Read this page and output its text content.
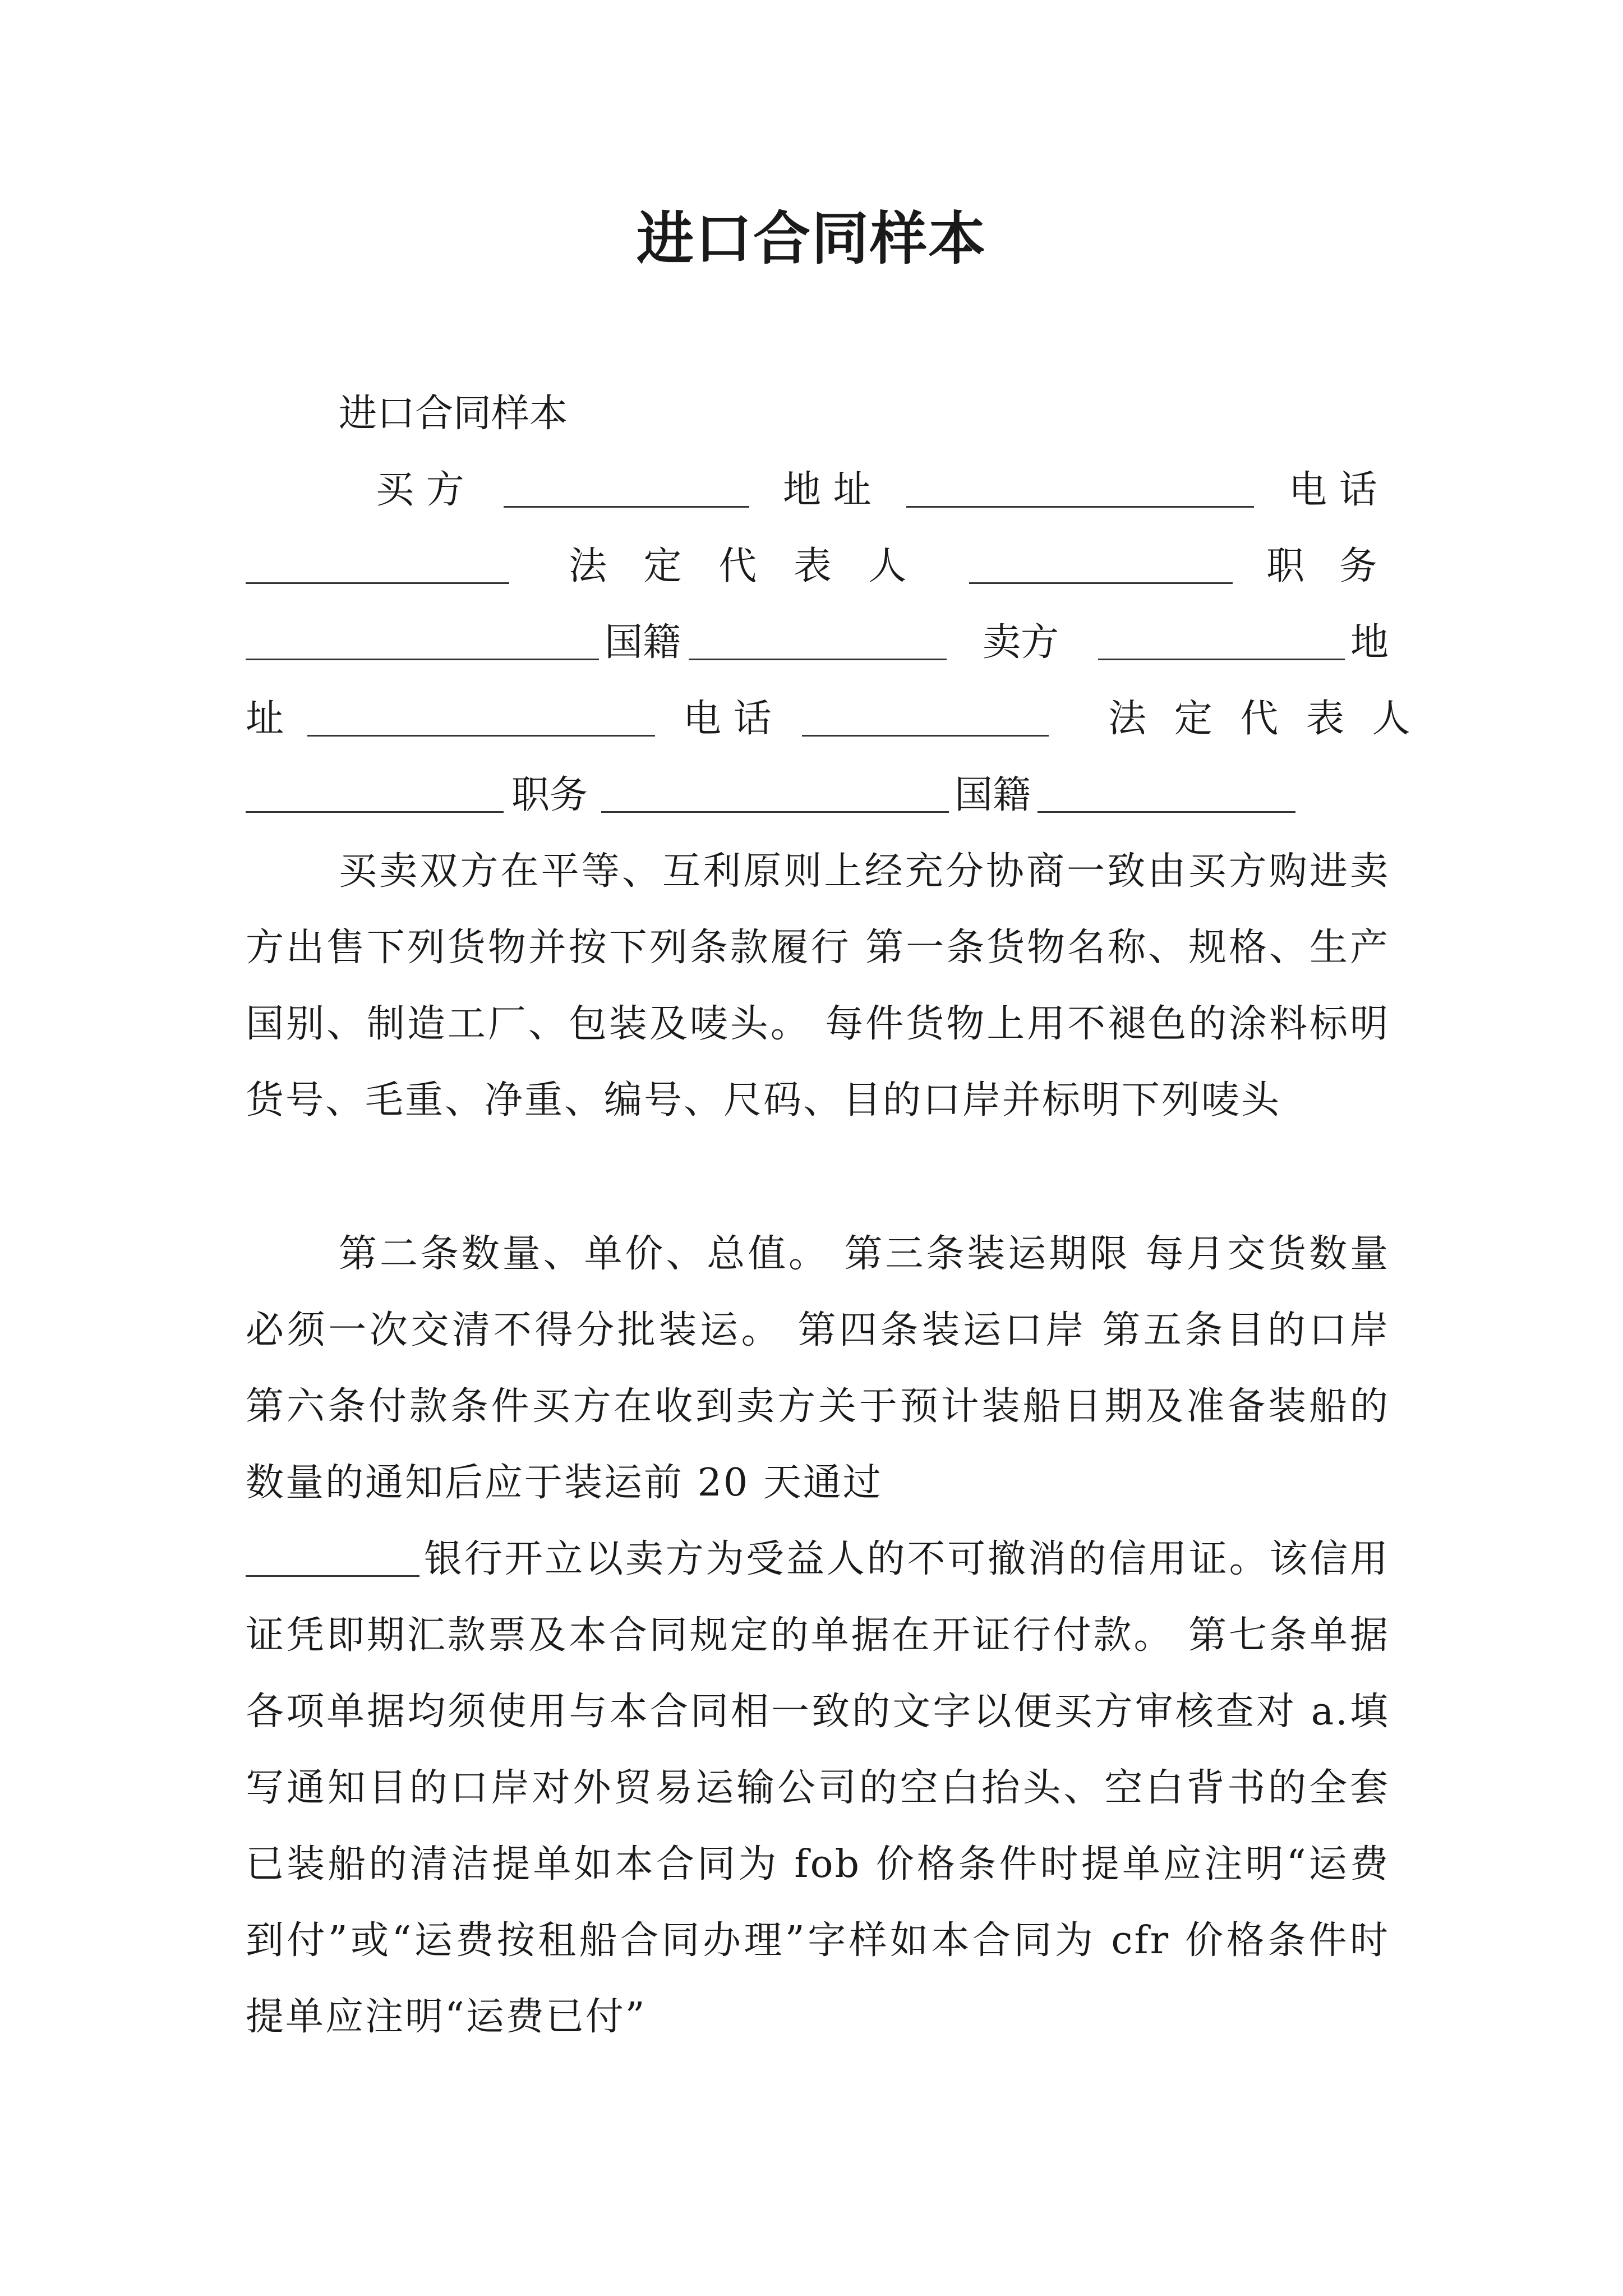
进口合同样本
进口合同样本
买 方	地 址	电 话
法 定 代 表 人	职 务
国籍	卖方	地
址	电 话	法 定 代 表 人
职务	国籍
买卖双方在平等、互利原则上经充分协商一致由买方购进卖方出售下列货物并按下列条款履行 第一条货物名称、规格、生产国别、制造工厂、包装及唛头。 每件货物上用不褪色的涂料标明货号、毛重、净重、编号、尺码、目的口岸并标明下列唛头
第二条数量、单价、总值。 第三条装运期限 每月交货数量必须一次交清不得分批装运。 第四条装运口岸 第五条目的口岸 第六条付款条件买方在收到卖方关于预计装船日期及准备装船的数量的通知后应于装运前 20 天通过
银行开立以卖方为受益人的不可撤消的信用证。该信用证凭即期汇款票及本合同规定的单据在开证行付款。 第七条单据各项单据均须使用与本合同相一致的文字以便买方审核查对 a.填写通知目的口岸对外贸易运输公司的空白抬头、空白背书的全套已装船的清洁提单如本合同为 fob 价格条件时提单应注明“运费到付”或“运费按租船合同办理”字样如本合同为 cfr 价格条件时提单应注明“运费已付”
